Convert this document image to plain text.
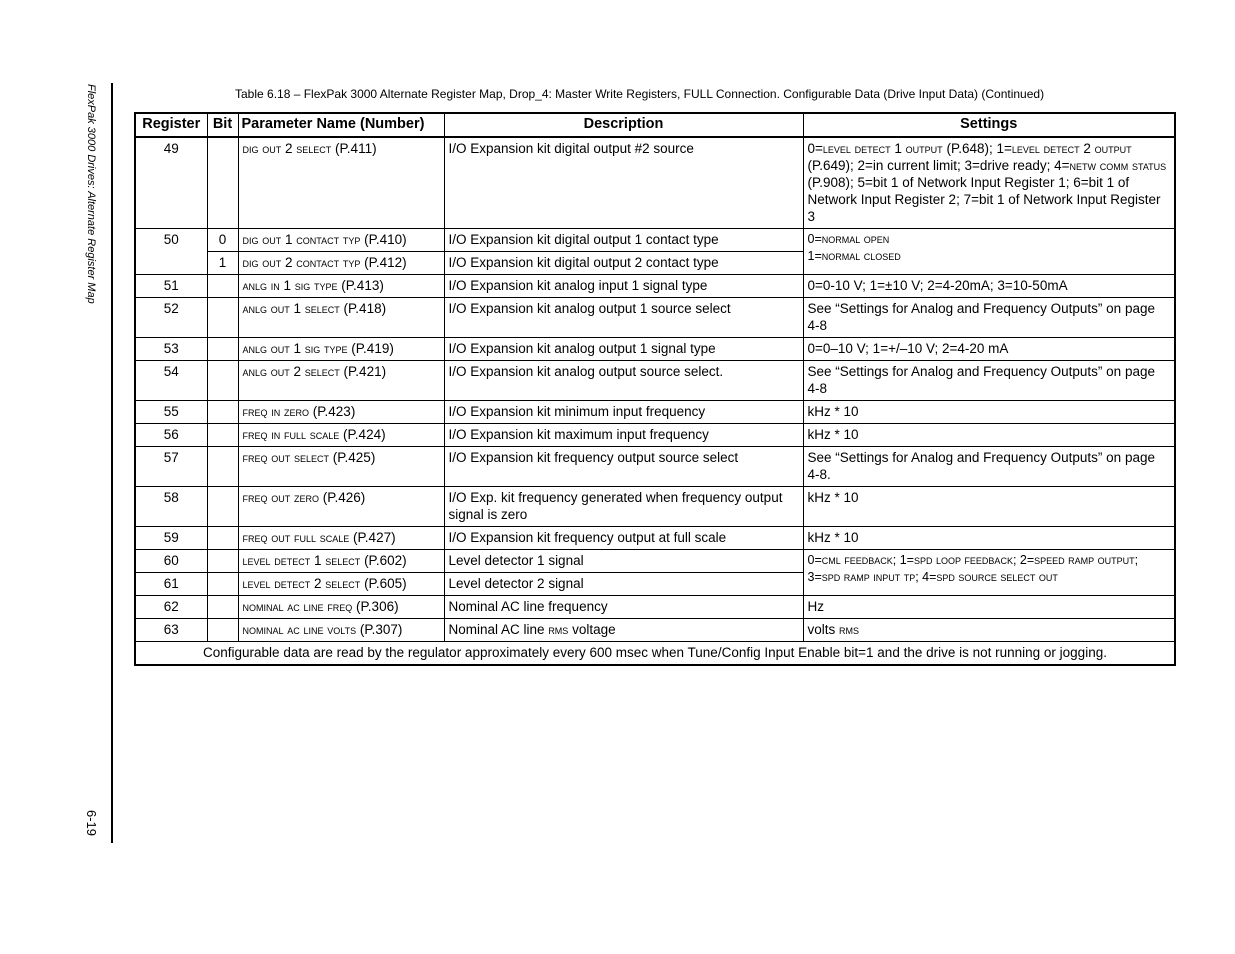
FlexPak 3000 Drives: Alternate Register Map
6-19
Table 6.18 – FlexPak 3000 Alternate Register Map, Drop_4: Master Write Registers, FULL Connection. Configurable Data (Drive Input Data) (Continued)
Register	Bit	Parameter Name (Number)	Description	Settings
49		dig out 2 select (P.411)	I/O Expansion kit digital output #2 source	0=level detect 1 output (P.648); 1=level detect 2 output (P.649); 2=in current limit; 3=drive ready; 4=netw comm status (P.908); 5=bit 1 of Network Input Register 1; 6=bit 1 of Network Input Register 2; 7=bit 1 of Network Input Register 3
50	0	dig out 1 contact typ (P.410)	I/O Expansion kit digital output 1 contact type	0=normal open
1=normal closed
	1	dig out 2 contact typ (P.412)	I/O Expansion kit digital output 2 contact type	
51		anlg in 1 sig type (P.413)	I/O Expansion kit analog input 1 signal type	0=0-10 V; 1=±10 V; 2=4-20mA; 3=10-50mA
52		anlg out 1 select (P.418)	I/O Expansion kit analog output 1 source select	See “Settings for Analog and Frequency Outputs” on page 4-8
53		anlg out 1 sig type (P.419)	I/O Expansion kit analog output 1 signal type	0=0–10 V; 1=+/–10 V; 2=4-20 mA
54		anlg out 2 select (P.421)	I/O Expansion kit analog output source select.	See “Settings for Analog and Frequency Outputs” on page 4-8
55		freq in zero (P.423)	I/O Expansion kit minimum input frequency	kHz * 10
56		freq in full scale (P.424)	I/O Expansion kit maximum input frequency	kHz * 10
57		freq out select (P.425)	I/O Expansion kit frequency output source select	See “Settings for Analog and Frequency Outputs” on page 4-8.
58		freq out zero (P.426)	I/O Exp. kit frequency generated when frequency output signal is zero	kHz * 10
59		freq out full scale (P.427)	I/O Expansion kit frequency output at full scale	kHz * 10
60		level detect 1 select (P.602)	Level detector 1 signal	0=cml feedback; 1=spd loop feedback; 2=speed ramp output; 3=spd ramp input tp; 4=spd source select out
61		level detect 2 select (P.605)	Level detector 2 signal	
62		nominal ac line freq (P.306)	Nominal AC line frequency	Hz
63		nominal ac line volts (P.307)	Nominal AC line rms voltage	volts rms
Configurable data are read by the regulator approximately every 600 msec when Tune/Config Input Enable bit=1 and the drive is not running or jogging.				
